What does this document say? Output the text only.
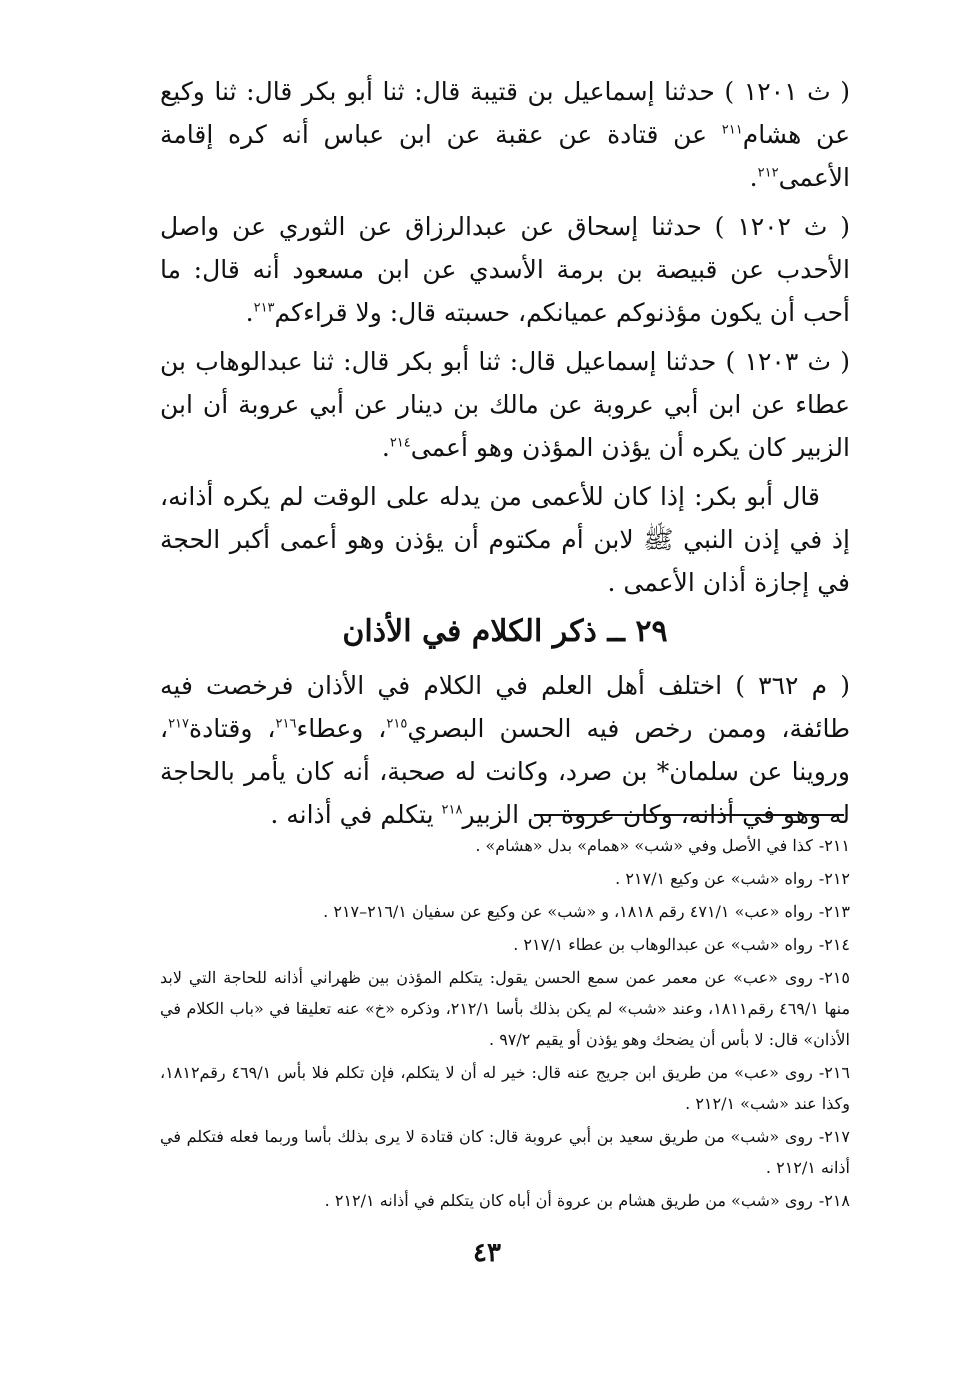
( ث ١٢٠١ ) حدثنا إسماعيل بن قتيبة قال: ثنا أبو بكر قال: ثنا وكيع عن هشام$^{٢١١}$ عن قتادة عن عقبة عن ابن عباس أنه كره إقامة الأعمى$^{٢١٢}$.

( ث ١٢٠٢ ) حدثنا إسحاق عن عبدالرزاق عن الثوري عن واصل الأحدب عن قبيصة بن برمة الأسدي عن ابن مسعود أنه قال: ما أحب أن يكون مؤذنوكم عميانكم، حسبته قال: ولا قراءكم$^{٢١٣}$.

( ث ١٢٠٣ ) حدثنا إسماعيل قال: ثنا أبو بكر قال: ثنا عبدالوهاب بن عطاء عن ابن أبي عروبة عن مالك بن دينار عن أبي عروبة أن ابن الزبير كان يكره أن يؤذن المؤذن وهو أعمى$^{٢١٤}$.

قال أبو بكر: إذا كان للأعمى من يدله على الوقت لم يكره أذانه، إذ في إذن النبي ﷺ لابن أم مكتوم أن يؤذن وهو أعمى أكبر الحجة في إجازة أذان الأعمى .

٢٩ ــ ذكر الكلام في الأذان

( م ٣٦٢ ) اختلف أهل العلم في الكلام في الأذان فرخصت فيه طائفة، وممن رخص فيه الحسن البصري$^{٢١٥}$، وعطاء$^{٢١٦}$، وقتادة$^{٢١٧}$، وروينا عن سلمان* بن صرد، وكانت له صحبة، أنه كان يأمر بالحاجة له وهو في أذانه، وكان عروة بن الزبير$^{٢١٨}$ يتكلم في أذانه .

٢١١-كذا في الأصل وفي «شب» «همام» بدل «هشام» .

٢١٢-رواه «شب» عن وكيع ٢١٧/١ .

٢١٣-رواه «عب» ٤٧١/١ رقم ١٨١٨، و «شب» عن وكيع عن سفيان ٢١٦/١–٢١٧ .

٢١٤-رواه «شب» عن عبدالوهاب بن عطاء ٢١٧/١ .

٢١٥-روى «عب» عن معمر عمن سمع الحسن يقول: يتكلم المؤذن بين ظهراني أذانه للحاجة التي لابد منها ٤٦٩/١ رقم١٨١١، وعند «شب» لم يكن بذلك بأسا ٢١٢/١، وذكره «خ» عنه تعليقا في «باب الكلام في الأذان» قال: لا بأس أن يضحك وهو يؤذن أو يقيم ٩٧/٢ .

٢١٦-روى «عب» من طريق ابن جريج عنه قال: خير له أن لا يتكلم، فإن تكلم فلا بأس ٤٦٩/١ رقم١٨١٢، وكذا عند «شب» ٢١٢/١ .

٢١٧-روى «شب» من طريق سعيد بن أبي عروبة قال: كان قتادة لا يرى بذلك بأسا وربما فعله فتكلم في أذانه ٢١٢/١ .

٢١٨-روى «شب» من طريق هشام بن عروة أن أباه كان يتكلم في أذانه ٢١٢/١ .

٤٣
